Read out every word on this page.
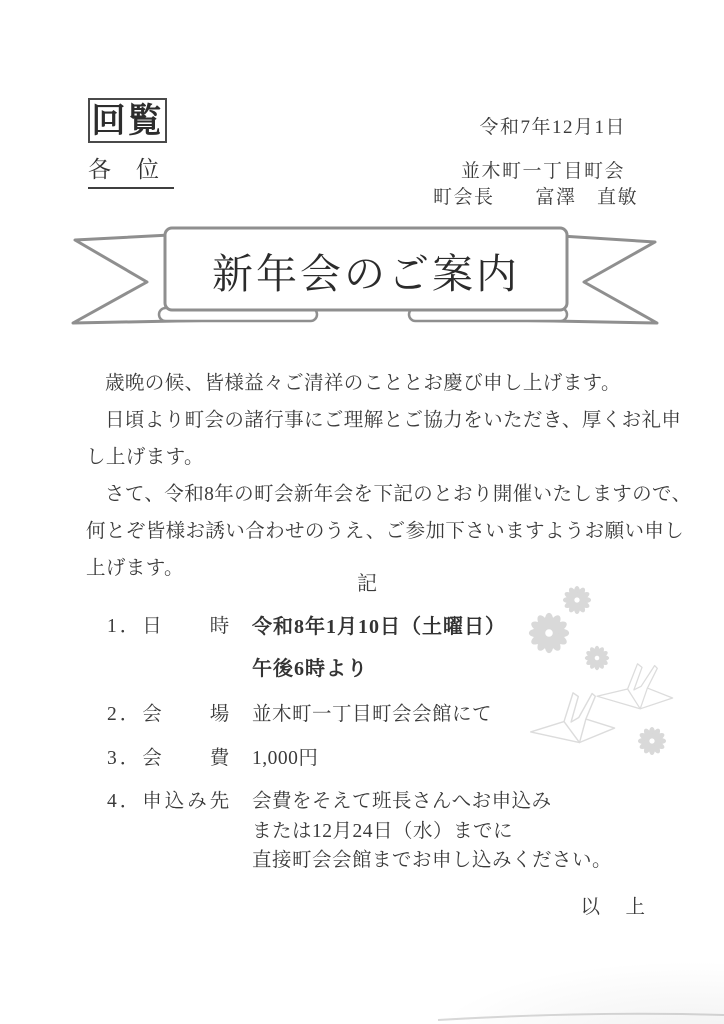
回覧
各　位
令和7年12月1日
並木町一丁目町会
町会長　　富澤　直敏
新年会のご案内
歳晩の候、皆様益々ご清祥のこととお慶び申し上げます。
日頃より町会の諸行事にご理解とご協力をいただき、厚くお礼申
し上げます。
さて、令和8年の町会新年会を下記のとおり開催いたしますので、
何とぞ皆様お誘い合わせのうえ、ご参加下さいますようお願い申し
上げます。
記
1．日　　時 令和8年1月10日（土曜日）
午後6時より
2．会　　場 並木町一丁目町会会館にて
3．会　　費 1,000円
4．申込み先 会費をそえて班長さんへお申込み
または12月24日（水）までに
直接町会会館までお申し込みください。
以　上
